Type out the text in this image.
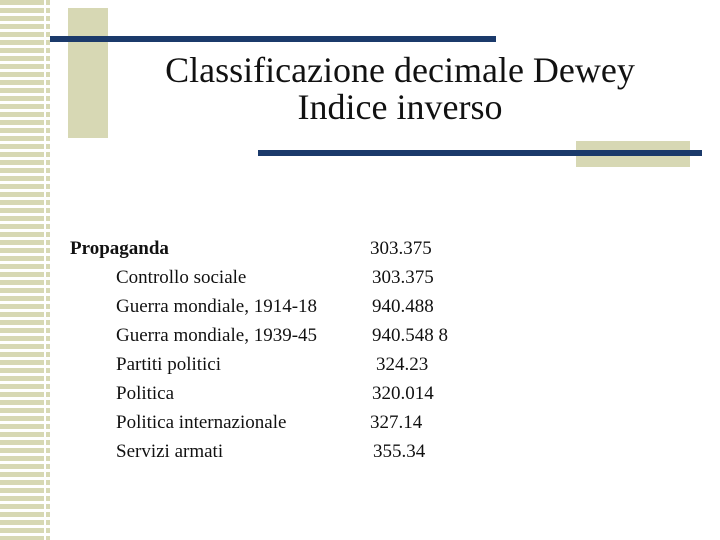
Classificazione decimale Dewey
Indice inverso
Propaganda	303.375
Controllo sociale	303.375
Guerra mondiale, 1914-18	940.488
Guerra mondiale, 1939-45	940.548 8
Partiti politici	324.23
Politica	320.014
Politica internazionale	327.14
Servizi armati	355.34
